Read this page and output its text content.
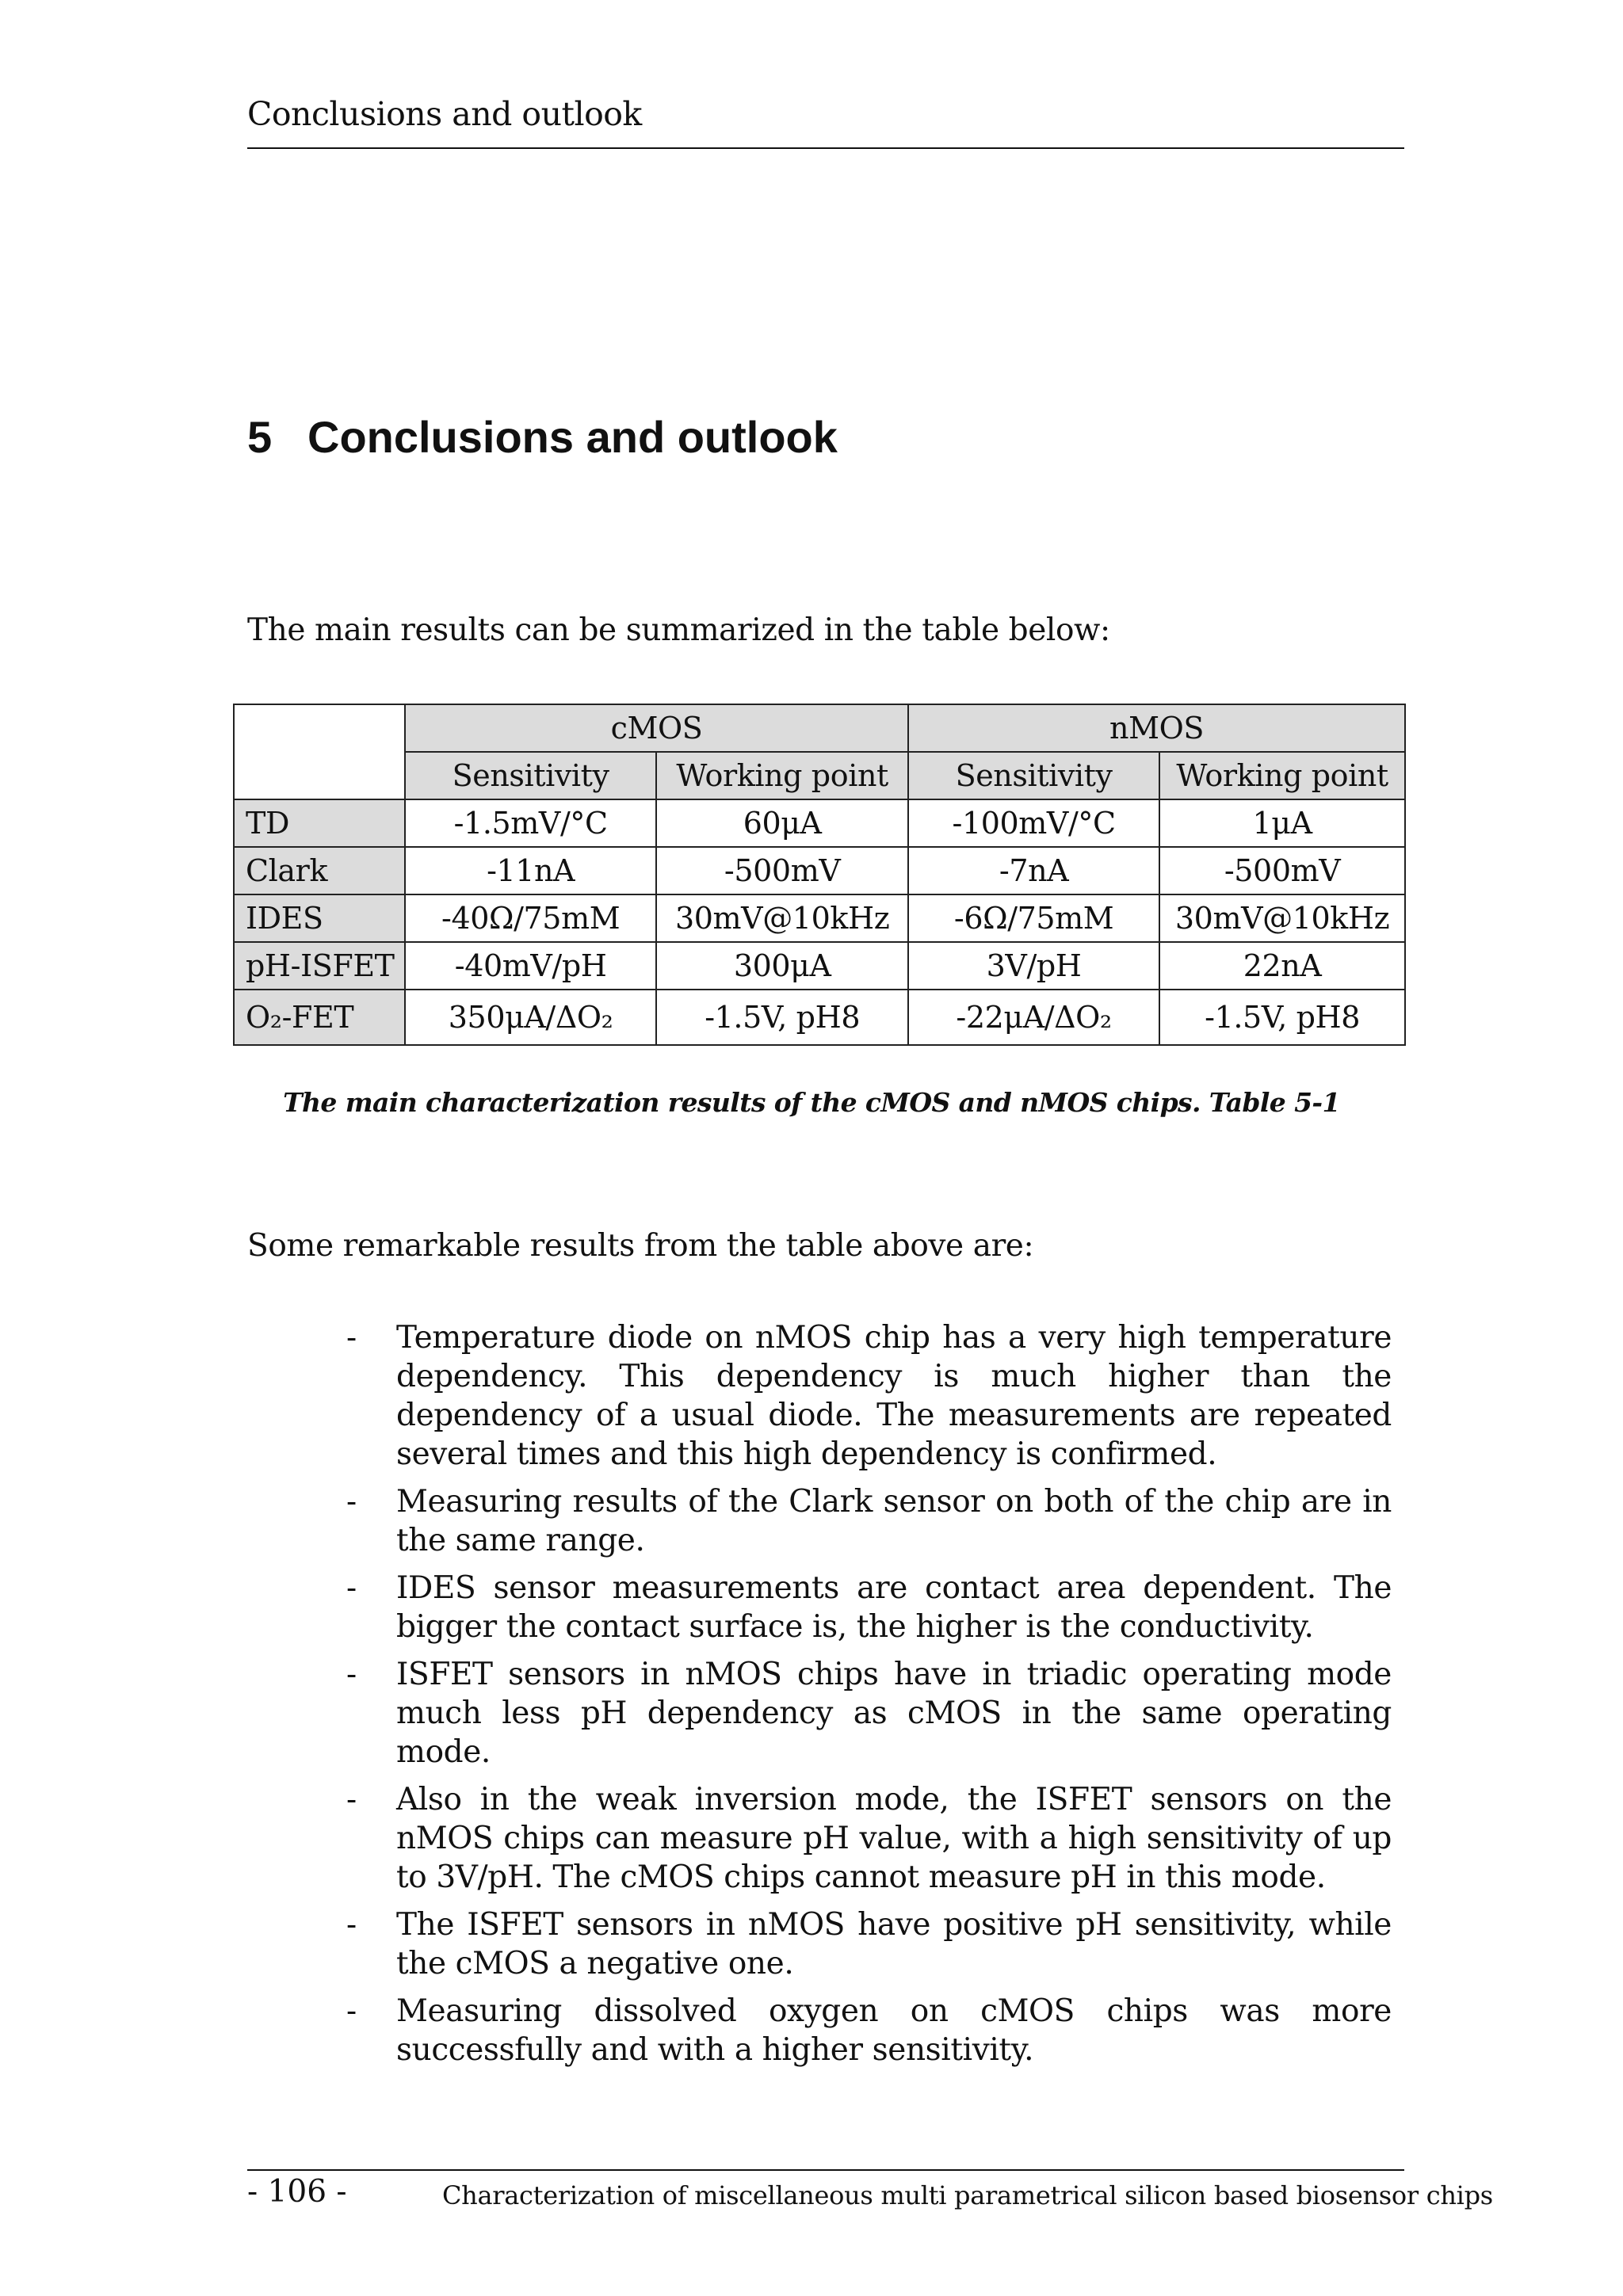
Conclusions and outlook
5 Conclusions and outlook

The main results can be summarized in the table below:

	cMOS		nMOS	
	Sensitivity	Working point	Sensitivity	Working point
TD	-1.5mV/°C	60μA	-100mV/°C	1μA
Clark	-11nA	-500mV	-7nA	-500mV
IDES	-40Ω/75mM	30mV@10kHz	-6Ω/75mM	30mV@10kHz
pH-ISFET	-40mV/pH	300μA	3V/pH	22nA
O₂-FET	350μA/ΔO₂	-1.5V, pH8	-22μA/ΔO₂	-1.5V, pH8
The main characterization results of the cMOS and nMOS chips. Table 5-1

Some remarkable results from the table above are:

- Temperature diode on nMOS chip has a very high temperature dependency. This dependency is much higher than the dependency of a usual diode. The measurements are repeated several times and this high dependency is confirmed.
- Measuring results of the Clark sensor on both of the chip are in the same range.
- IDES sensor measurements are contact area dependent. The bigger the contact surface is, the higher is the conductivity.
- ISFET sensors in nMOS chips have in triadic operating mode much less pH dependency as cMOS in the same operating mode.
- Also in the weak inversion mode, the ISFET sensors on the nMOS chips can measure pH value, with a high sensitivity of up to 3V/pH. The cMOS chips cannot measure pH in this mode.
- The ISFET sensors in nMOS have positive pH sensitivity, while the cMOS a negative one.
- Measuring dissolved oxygen on cMOS chips was more successfully and with a higher sensitivity.
- 106 -	Characterization of miscellaneous multi parametrical silicon based biosensor chips
